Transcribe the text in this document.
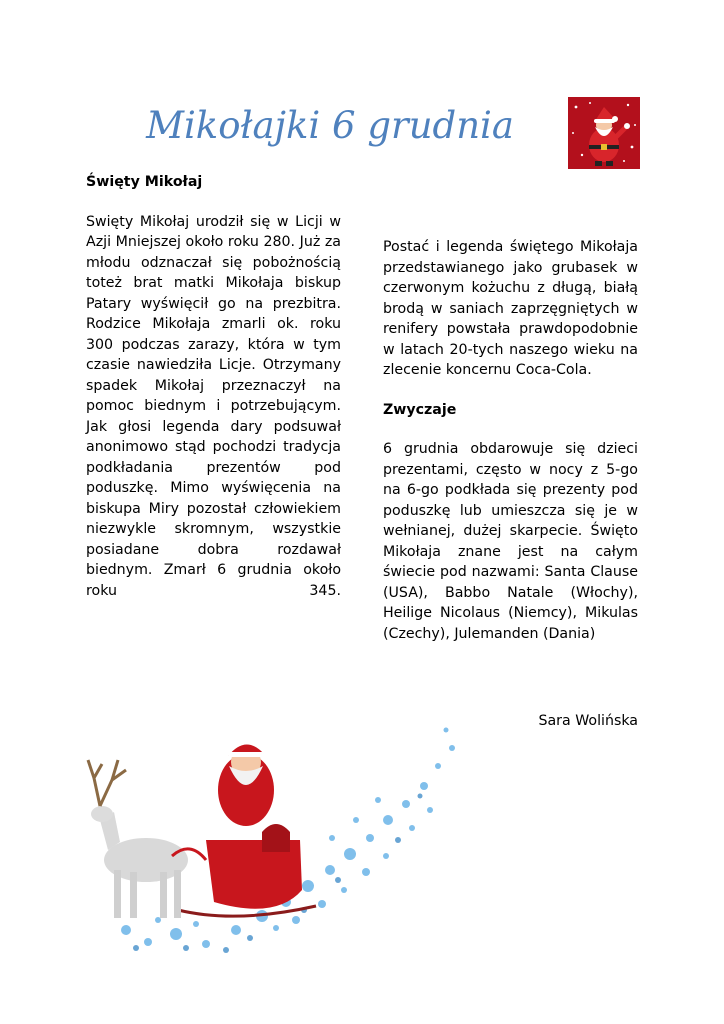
Mikołajki 6 grudnia

Święty Mikołaj

Swięty Mikołaj urodził się w Licji w Azji Mniejszej około roku 280. Już za młodu odznaczał się pobożnością toteż brat matki Mikołaja biskup Patary wyświęcił go na prezbitra. Rodzice Mikołaja zmarli ok. roku 300 podczas zarazy, która w tym czasie nawiedziła Licje. Otrzymany spadek Mikołaj przeznaczył na pomoc biednym i potrzebującym. Jak głosi legenda dary podsuwał anonimowo stąd pochodzi tradycja podkładania prezentów pod poduszkę. Mimo wyświęcenia na biskupa Miry pozostał człowiekiem niezwykle skromnym, wszystkie posiadane dobra rozdawał biednym. Zmarł 6 grudnia około roku 345.

Postać i legenda świętego Mikołaja przedstawianego jako grubasek w czerwonym kożuchu z długą, białą brodą w saniach zaprzęgniętych w renifery powstała prawdopodobnie w latach 20-tych naszego wieku na zlecenie koncernu Coca-Cola.

Zwyczaje

6 grudnia obdarowuje się dzieci prezentami, często w nocy z 5-go na 6-go podkłada się prezenty pod poduszkę lub umieszcza się je w wełnianej, dużej skarpecie. Święto Mikołaja znane jest na całym świecie pod nazwami: Santa Clause (USA), Babbo Natale (Włochy), Heilige Nicolaus (Niemcy), Mikulas (Czechy), Julemanden (Dania)

Sara Wolińska
